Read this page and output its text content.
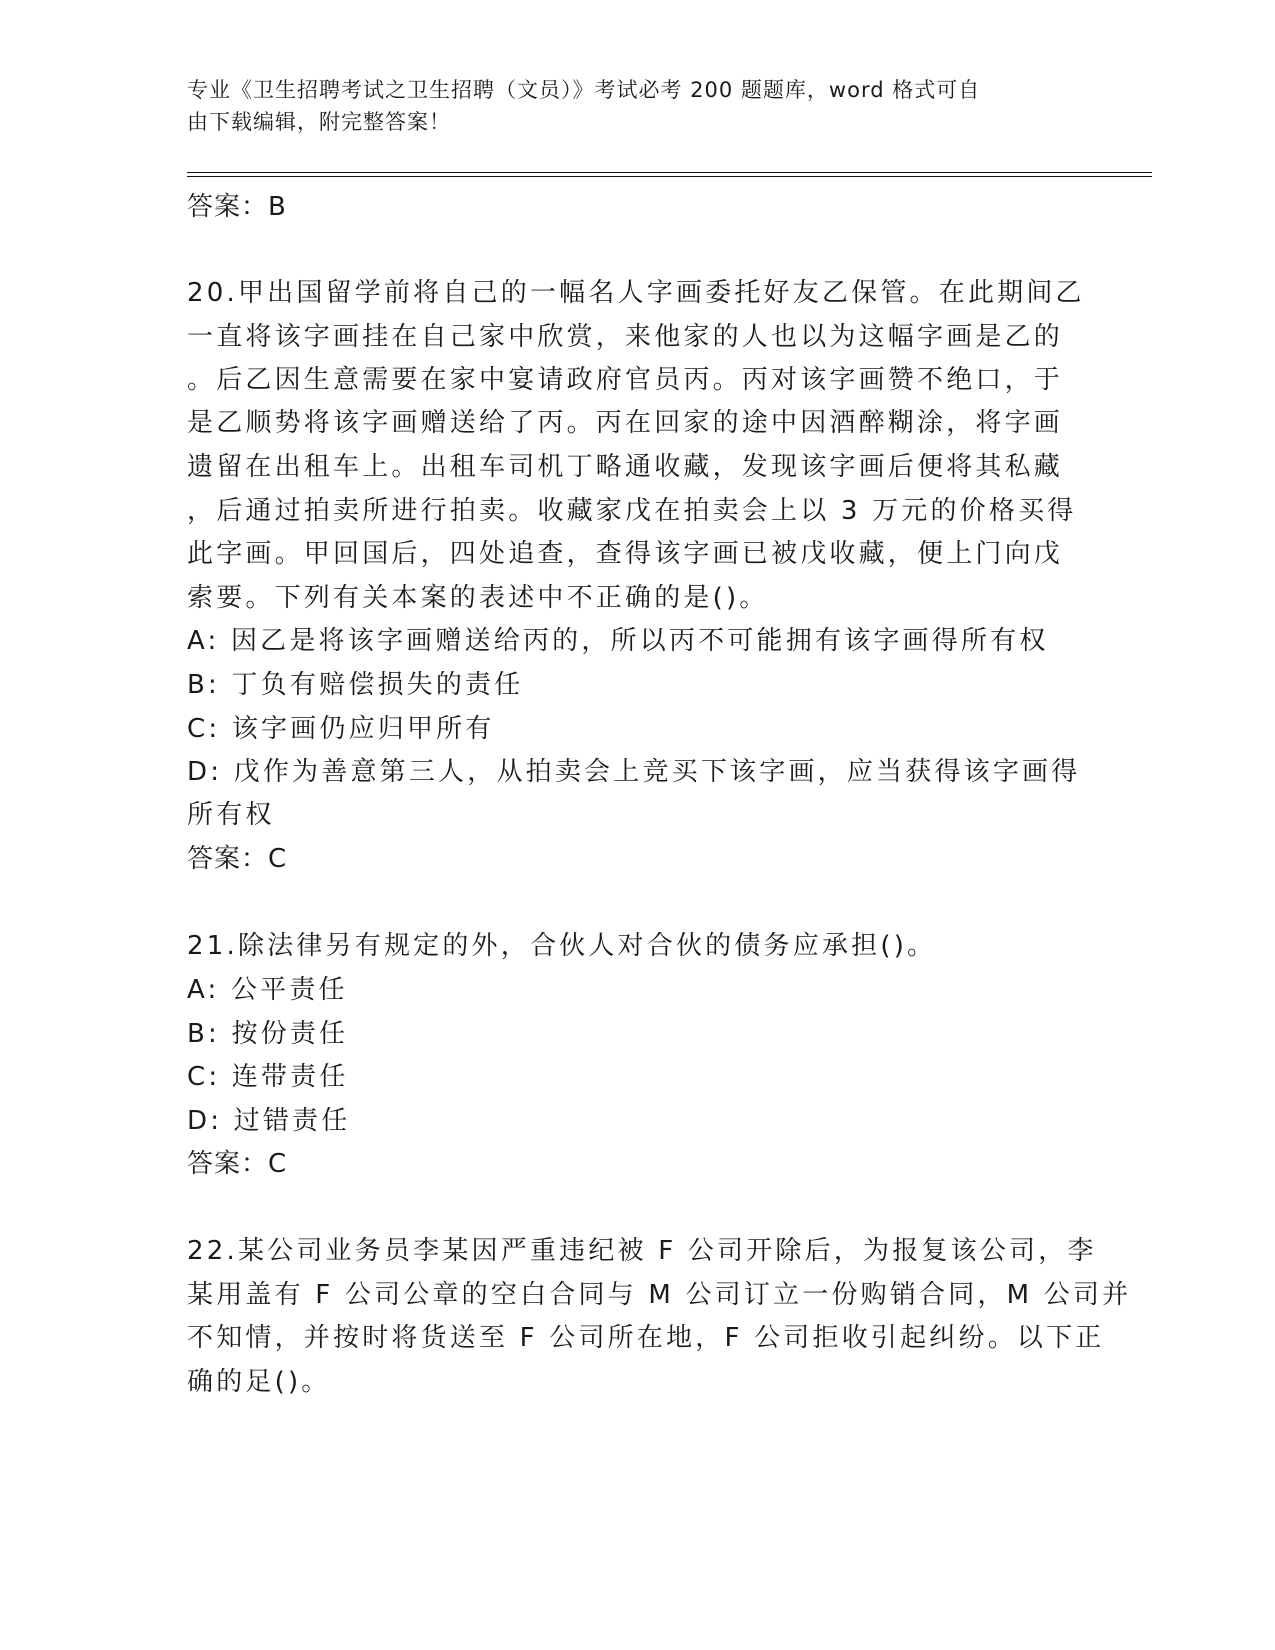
专业《卫生招聘考试之卫生招聘（文员）》考试必考 200 题题库，word 格式可自
由下载编辑，附完整答案！
答案：B
20.甲出国留学前将自己的一幅名人字画委托好友乙保管。在此期间乙
一直将该字画挂在自己家中欣赏，来他家的人也以为这幅字画是乙的
。后乙因生意需要在家中宴请政府官员丙。丙对该字画赞不绝口，于
是乙顺势将该字画赠送给了丙。丙在回家的途中因酒醉糊涂，将字画
遗留在出租车上。出租车司机丁略通收藏，发现该字画后便将其私藏
，后通过拍卖所进行拍卖。收藏家戊在拍卖会上以 3 万元的价格买得
此字画。甲回国后，四处追查，查得该字画已被戊收藏，便上门向戊
索要。下列有关本案的表述中不正确的是()。
A: 因乙是将该字画赠送给丙的，所以丙不可能拥有该字画得所有权
B: 丁负有赔偿损失的责任
C: 该字画仍应归甲所有
D: 戊作为善意第三人，从拍卖会上竞买下该字画，应当获得该字画得
所有权
答案：C
21.除法律另有规定的外，合伙人对合伙的债务应承担()。
A: 公平责任
B: 按份责任
C: 连带责任
D: 过错责任
答案：C
22.某公司业务员李某因严重违纪被 F 公司开除后，为报复该公司，李
某用盖有 F 公司公章的空白合同与 M 公司订立一份购销合同，M 公司并
不知情，并按时将货送至 F 公司所在地，F 公司拒收引起纠纷。以下正
确的足()。
